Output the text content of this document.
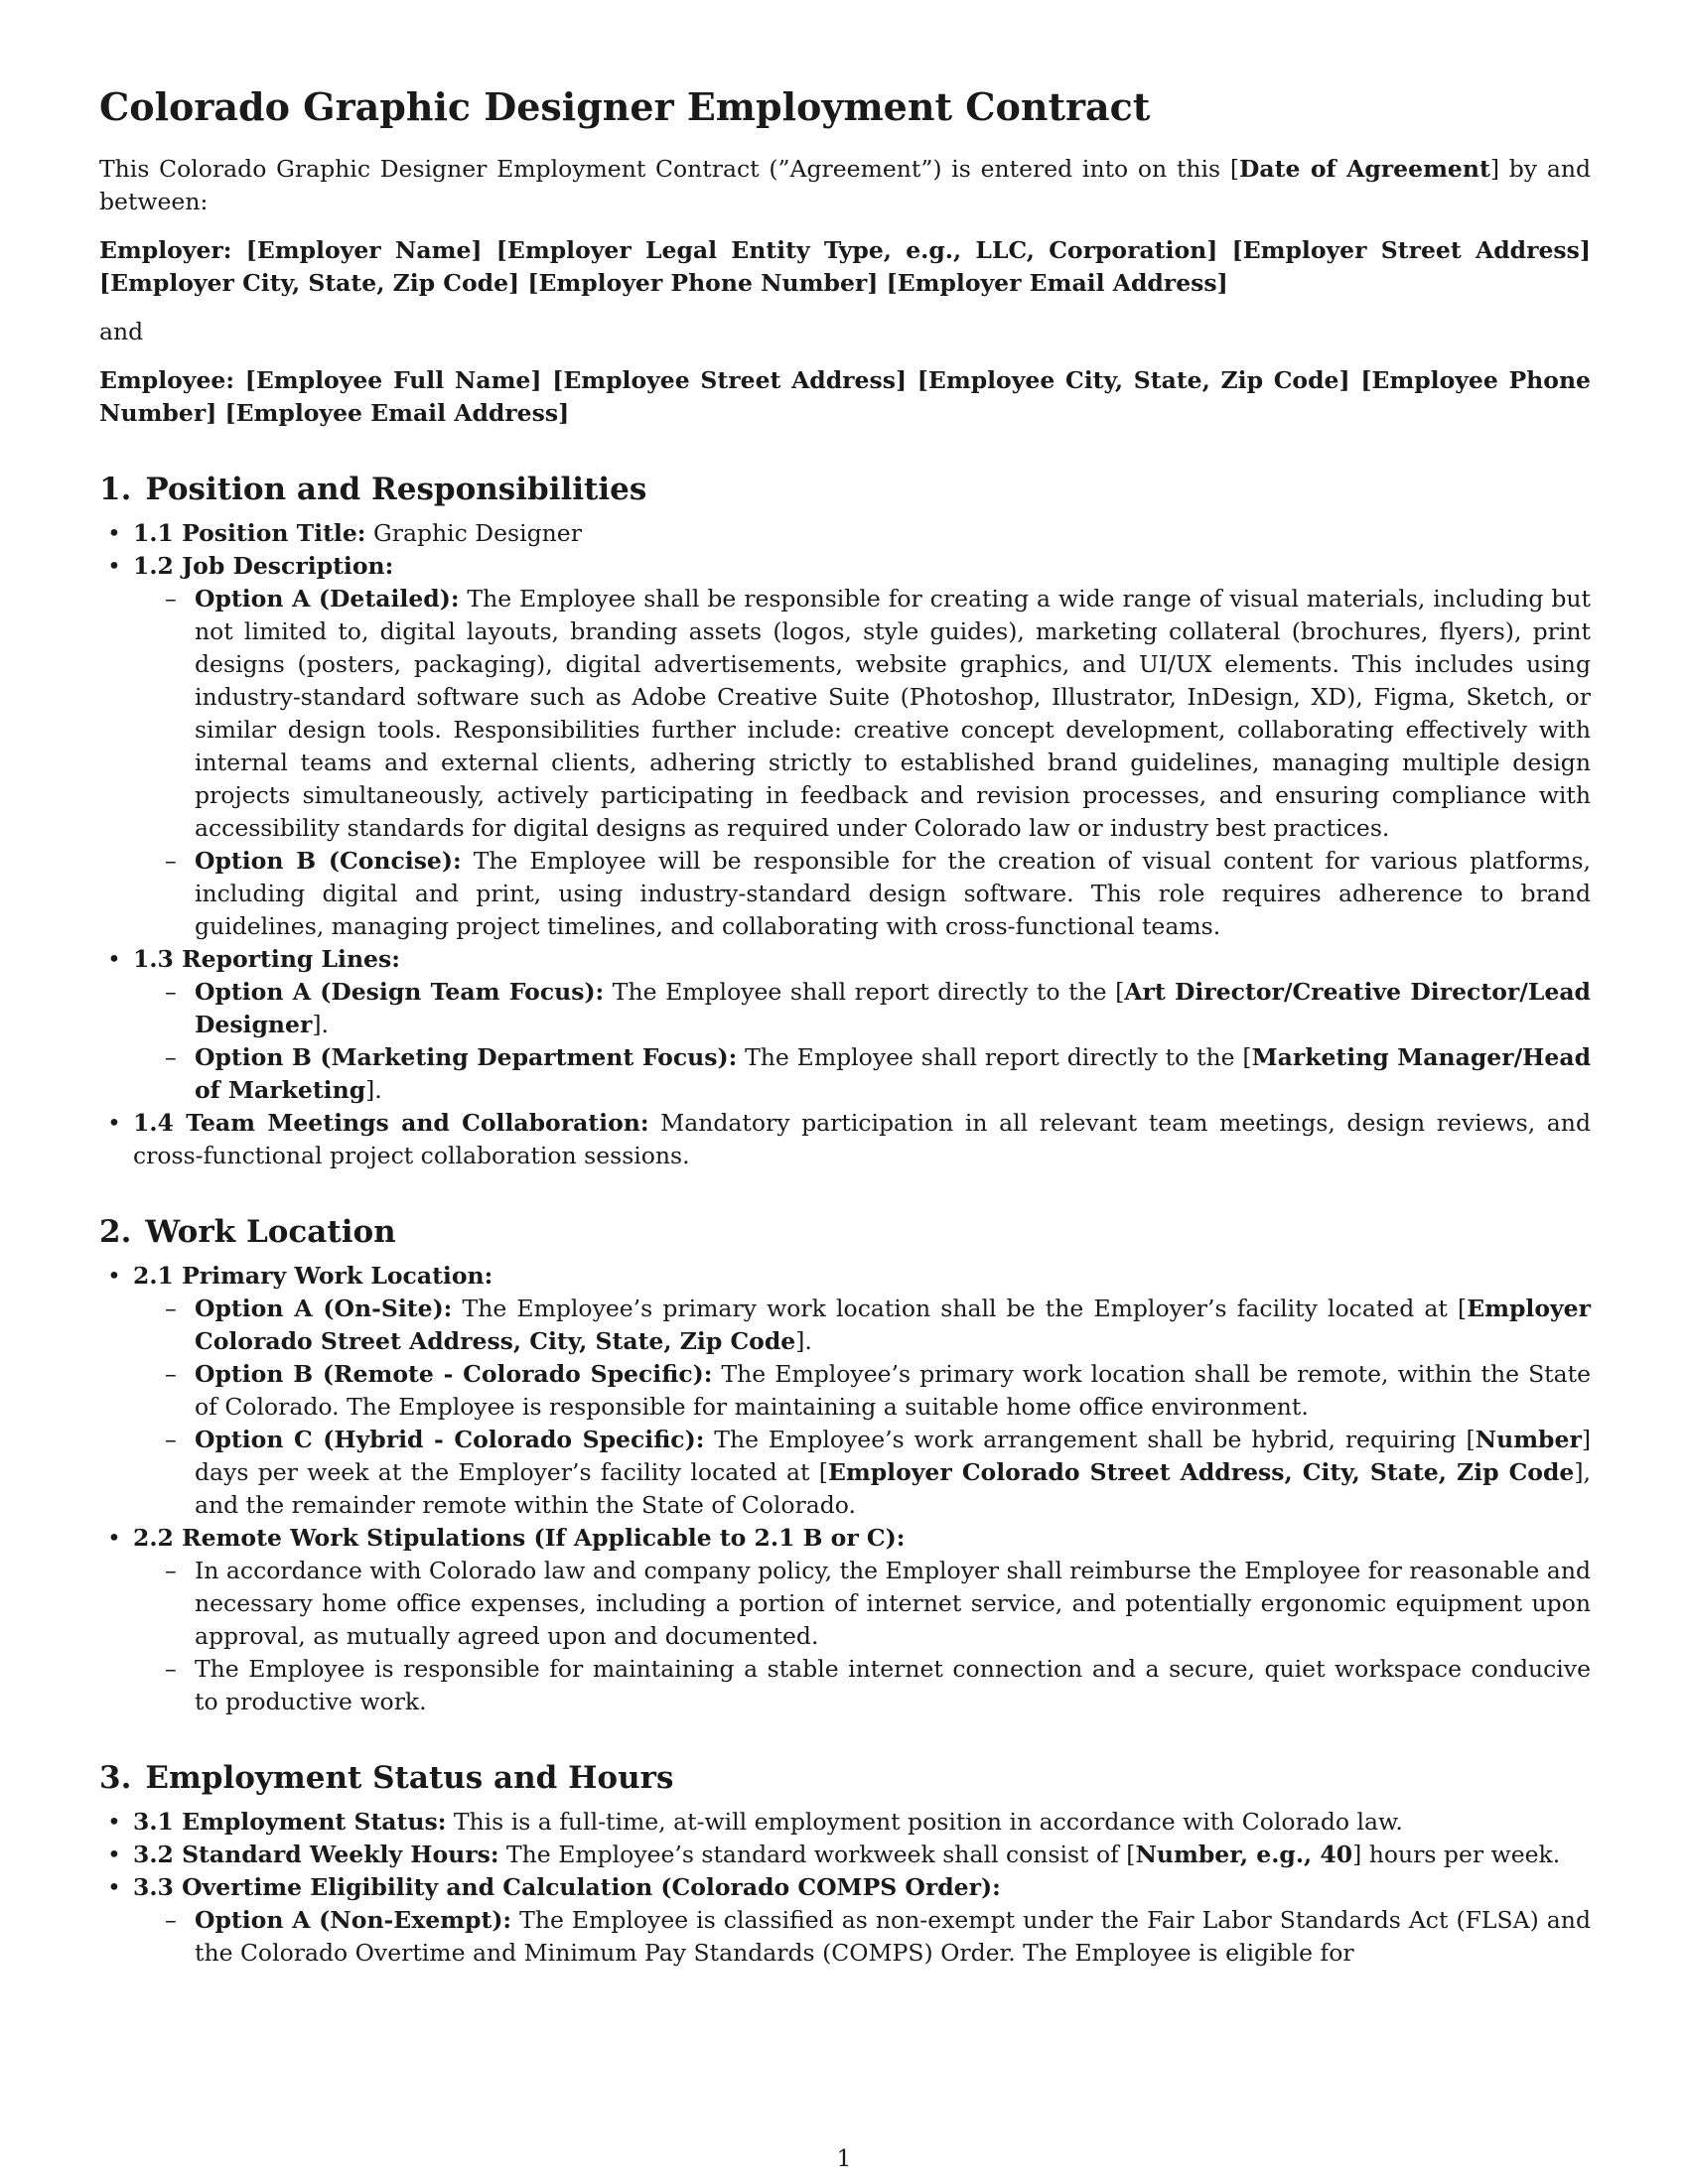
Colorado Graphic Designer Employment Contract

This Colorado Graphic Designer Employment Contract (”Agreement”) is entered into on this [Date of Agreement] by and between:

Employer: [Employer Name] [Employer Legal Entity Type, e.g., LLC, Corporation] [Employer Street Address] [Employer City, State, Zip Code] [Employer Phone Number] [Employer Email Address]

and

Employee: [Employee Full Name] [Employee Street Address] [Employee City, State, Zip Code] [Employee Phone Number] [Employee Email Address]

1. Position and Responsibilities
• 1.1 Position Title: Graphic Designer
• 1.2 Job Description:
– Option A (Detailed): The Employee shall be responsible for creating a wide range of visual materials, including but not limited to, digital layouts, branding assets (logos, style guides), marketing collateral (brochures, flyers), print designs (posters, packaging), digital advertisements, website graphics, and UI/UX elements. This includes using industry-standard software such as Adobe Creative Suite (Photoshop, Illustrator, InDesign, XD), Figma, Sketch, or similar design tools. Responsibilities further include: creative concept development, collaborating effectively with internal teams and external clients, adhering strictly to established brand guidelines, managing multiple design projects simultaneously, actively participating in feedback and revision processes, and ensuring compliance with accessibility standards for digital designs as required under Colorado law or industry best practices.
– Option B (Concise): The Employee will be responsible for the creation of visual content for various platforms, including digital and print, using industry-standard design software. This role requires adherence to brand guidelines, managing project timelines, and collaborating with cross-functional teams.
• 1.3 Reporting Lines:
– Option A (Design Team Focus): The Employee shall report directly to the [Art Director/Creative Director/Lead Designer].
– Option B (Marketing Department Focus): The Employee shall report directly to the [Marketing Manager/Head of Marketing].
• 1.4 Team Meetings and Collaboration: Mandatory participation in all relevant team meetings, design reviews, and cross-functional project collaboration sessions.
2. Work Location
• 2.1 Primary Work Location:
– Option A (On-Site): The Employee’s primary work location shall be the Employer’s facility located at [Employer Colorado Street Address, City, State, Zip Code].
– Option B (Remote - Colorado Specific): The Employee’s primary work location shall be remote, within the State of Colorado. The Employee is responsible for maintaining a suitable home office environment.
– Option C (Hybrid - Colorado Specific): The Employee’s work arrangement shall be hybrid, requiring [Number] days per week at the Employer’s facility located at [Employer Colorado Street Address, City, State, Zip Code], and the remainder remote within the State of Colorado.
• 2.2 Remote Work Stipulations (If Applicable to 2.1 B or C):
– In accordance with Colorado law and company policy, the Employer shall reimburse the Employee for reasonable and necessary home office expenses, including a portion of internet service, and potentially ergonomic equipment upon approval, as mutually agreed upon and documented.
– The Employee is responsible for maintaining a stable internet connection and a secure, quiet workspace conducive to productive work.
3. Employment Status and Hours
• 3.1 Employment Status: This is a full-time, at-will employment position in accordance with Colorado law.
• 3.2 Standard Weekly Hours: The Employee’s standard workweek shall consist of [Number, e.g., 40] hours per week.
• 3.3 Overtime Eligibility and Calculation (Colorado COMPS Order):
– Option A (Non-Exempt): The Employee is classified as non-exempt under the Fair Labor Standards Act (FLSA) and the Colorado Overtime and Minimum Pay Standards (COMPS) Order. The Employee is eligible for
1
